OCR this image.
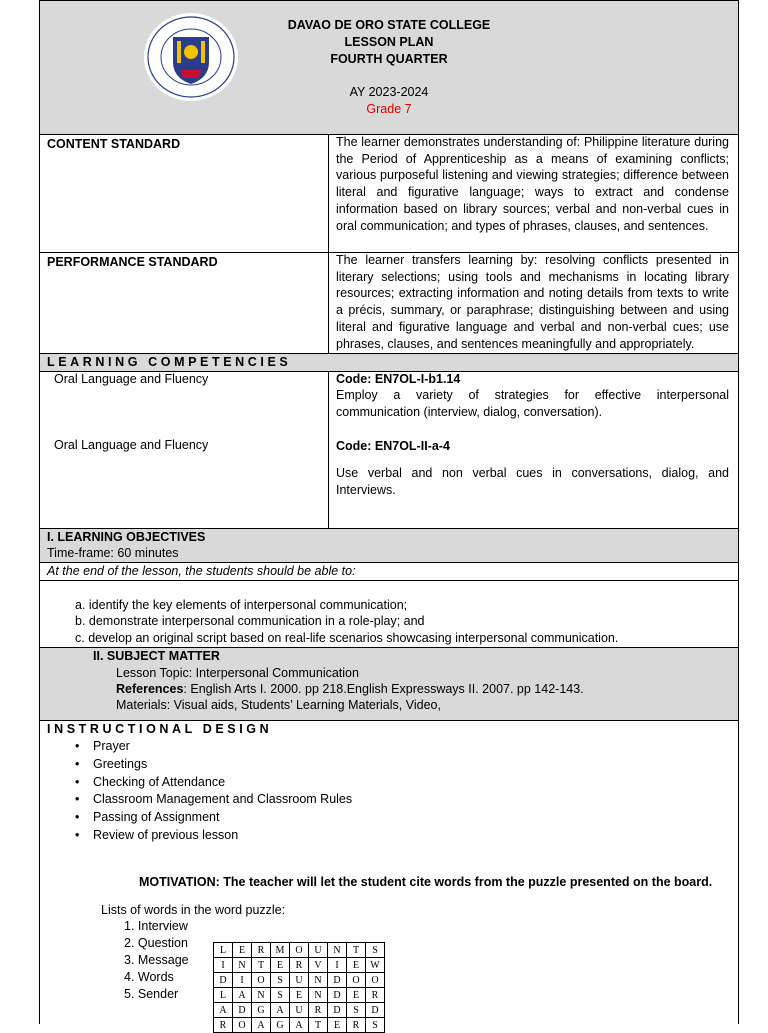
DAVAO DE ORO STATE COLLEGE
LESSON PLAN
FOURTH QUARTER
AY 2023-2024
Grade 7
CONTENT STANDARD	The learner demonstrates understanding of: Philippine literature during the Period of Apprenticeship as a means of examining conflicts; various purposeful listening and viewing strategies; difference between literal and figurative language; ways to extract and condense information based on library sources; verbal and non-verbal cues in oral communication; and types of phrases, clauses, and sentences.
PERFORMANCE STANDARD	The learner transfers learning by: resolving conflicts presented in literary selections; using tools and mechanisms in locating library resources; extracting information and noting details from texts to write a précis, summary, or paraphrase; distinguishing between and using literal and figurative language and verbal and non-verbal cues; use phrases, clauses, and sentences meaningfully and appropriately.
LEARNING COMPETENCIES
Oral Language and Fluency	Code: EN7OL-I-b1.14
Employ a variety of strategies for effective interpersonal communication (interview, dialog, conversation).
Oral Language and Fluency	Code: EN7OL-II-a-4
Use verbal and non verbal cues in conversations, dialog, and Interviews.
I. LEARNING OBJECTIVES
Time-frame: 60 minutes
At the end of the lesson, the students should be able to:
a. identify the key elements of interpersonal communication;
b. demonstrate interpersonal communication in a role-play; and
c. develop an original script based on real-life scenarios showcasing interpersonal communication.
II. SUBJECT MATTER
Lesson Topic: Interpersonal Communication
References: English Arts I. 2000. pp 218.English Expressways II. 2007. pp 142-143.
Materials: Visual aids, Students’ Learning Materials, Video,
INSTRUCTIONAL DESIGN
• Prayer
• Greetings
• Checking of Attendance
• Classroom Management and Classroom Rules
• Passing of Assignment
• Review of previous lesson
MOTIVATION: The teacher will let the student cite words from the puzzle presented on the board.
Lists of words in the word puzzle:
1. Interview
2. Question
3. Message
4. Words
5. Sender
L	E	R	M	O	U	N	T	S
I	N	T	E	R	V	I	E	W
D	I	O	S	U	N	D	O	O
L	A	N	S	E	N	D	E	R
A	D	G	A	U	R	D	S	D
R	O	A	G	A	T	E	R	S
